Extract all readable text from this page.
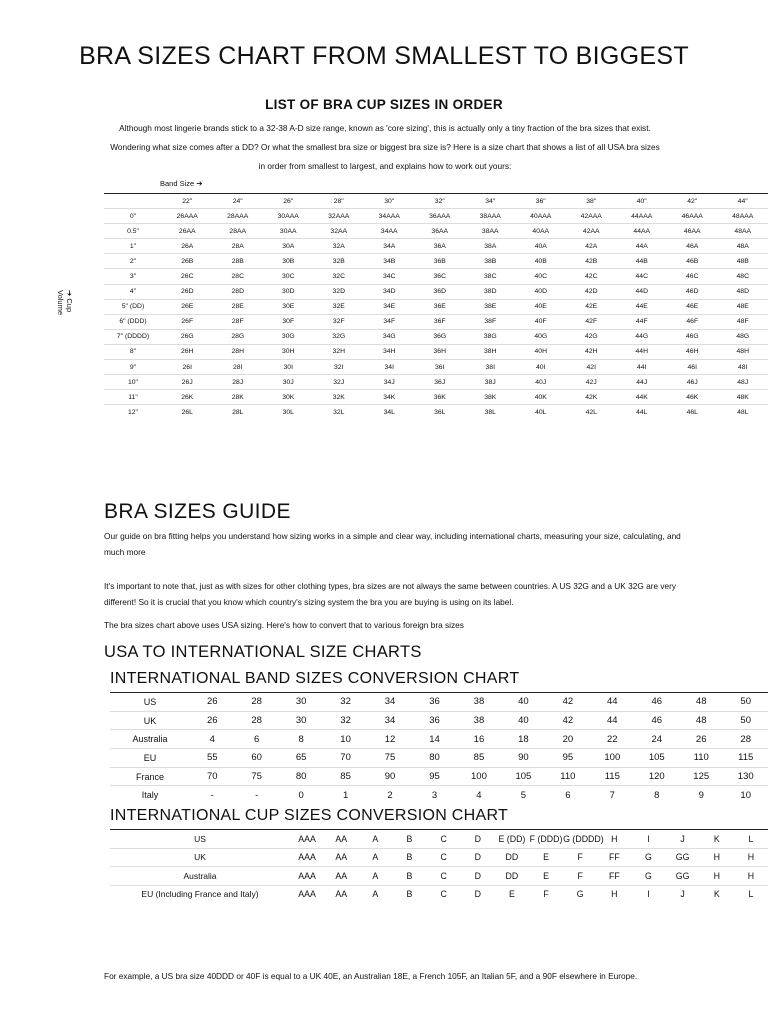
BRA SIZES CHART FROM SMALLEST TO BIGGEST
LIST OF BRA CUP SIZES IN ORDER

Although most lingerie brands stick to a 32-38 A-D size range, known as 'core sizing', this is actually only a tiny fraction of the bra sizes that exist. Wondering what size comes after a DD? Or what the smallest bra size or biggest bra size is? Here is a size chart that shows a list of all USA bra sizes in order from smallest to largest, and explains how to work out yours:

Band Size ➔
➔ Cup
Volume
	22"	24"	26"	28"	30"	32"	34"	36"	38"	40"	42"	44"
0"	26AAA	28AAA	30AAA	32AAA	34AAA	36AAA	38AAA	40AAA	42AAA	44AAA	46AAA	48AAA
0.5"	26AA	28AA	30AA	32AA	34AA	36AA	38AA	40AA	42AA	44AA	46AA	48AA
1"	26A	28A	30A	32A	34A	36A	38A	40A	42A	44A	46A	48A
2"	26B	28B	30B	32B	34B	36B	38B	40B	42B	44B	46B	48B
3"	26C	28C	30C	32C	34C	36C	38C	40C	42C	44C	46C	48C
4"	26D	28D	30D	32D	34D	36D	38D	40D	42D	44D	46D	48D
5" (DD)	26E	28E	30E	32E	34E	36E	38E	40E	42E	44E	46E	48E
6" (DDD)	26F	28F	30F	32F	34F	36F	38F	40F	42F	44F	46F	48F
7" (DDDD)	26G	28G	30G	32G	34G	36G	38G	40G	42G	44G	46G	48G
8"	26H	28H	30H	32H	34H	36H	38H	40H	42H	44H	46H	48H
9"	26I	28I	30I	32I	34I	36I	38I	40I	42I	44I	46I	48I
10"	26J	28J	30J	32J	34J	36J	38J	40J	42J	44J	46J	48J
11"	26K	28K	30K	32K	34K	36K	38K	40K	42K	44K	46K	48K
12"	26L	28L	30L	32L	34L	36L	38L	40L	42L	44L	46L	48L
BRA SIZES GUIDE

Our guide on bra fitting helps you understand how sizing works in a simple and clear way, including international charts, measuring your size, calculating, and much more

It's important to note that, just as with sizes for other clothing types, bra sizes are not always the same between countries. A US 32G and a UK 32G are very different! So it is crucial that you know which country's sizing system the bra you are buying is using on its label.

The bra sizes chart above uses USA sizing. Here's how to convert that to various foreign bra sizes

USA TO INTERNATIONAL SIZE CHARTS
INTERNATIONAL BAND SIZES CONVERSION CHART
US	26	28	30	32	34	36	38	40	42	44	46	48	50
UK	26	28	30	32	34	36	38	40	42	44	46	48	50
Australia	4	6	8	10	12	14	16	18	20	22	24	26	28
EU	55	60	65	70	75	80	85	90	95	100	105	110	115
France	70	75	80	85	90	95	100	105	110	115	120	125	130
Italy	-	-	0	1	2	3	4	5	6	7	8	9	10
INTERNATIONAL CUP SIZES CONVERSION CHART
US	AAA	AA	A	B	C	D	E (DD)	F (DDD)	G (DDDD)	H	I	J	K	L
UK	AAA	AA	A	B	C	D	DD	E	F	FF	G	GG	H	H
Australia	AAA	AA	A	B	C	D	DD	E	F	FF	G	GG	H	H
EU (Including France and Italy)	AAA	AA	A	B	C	D	E	F	G	H	I	J	K	L

For example, a US bra size 40DDD or 40F is equal to a UK 40E, an Australian 18E, a French 105F, an Italian 5F, and a 90F elsewhere in Europe.
